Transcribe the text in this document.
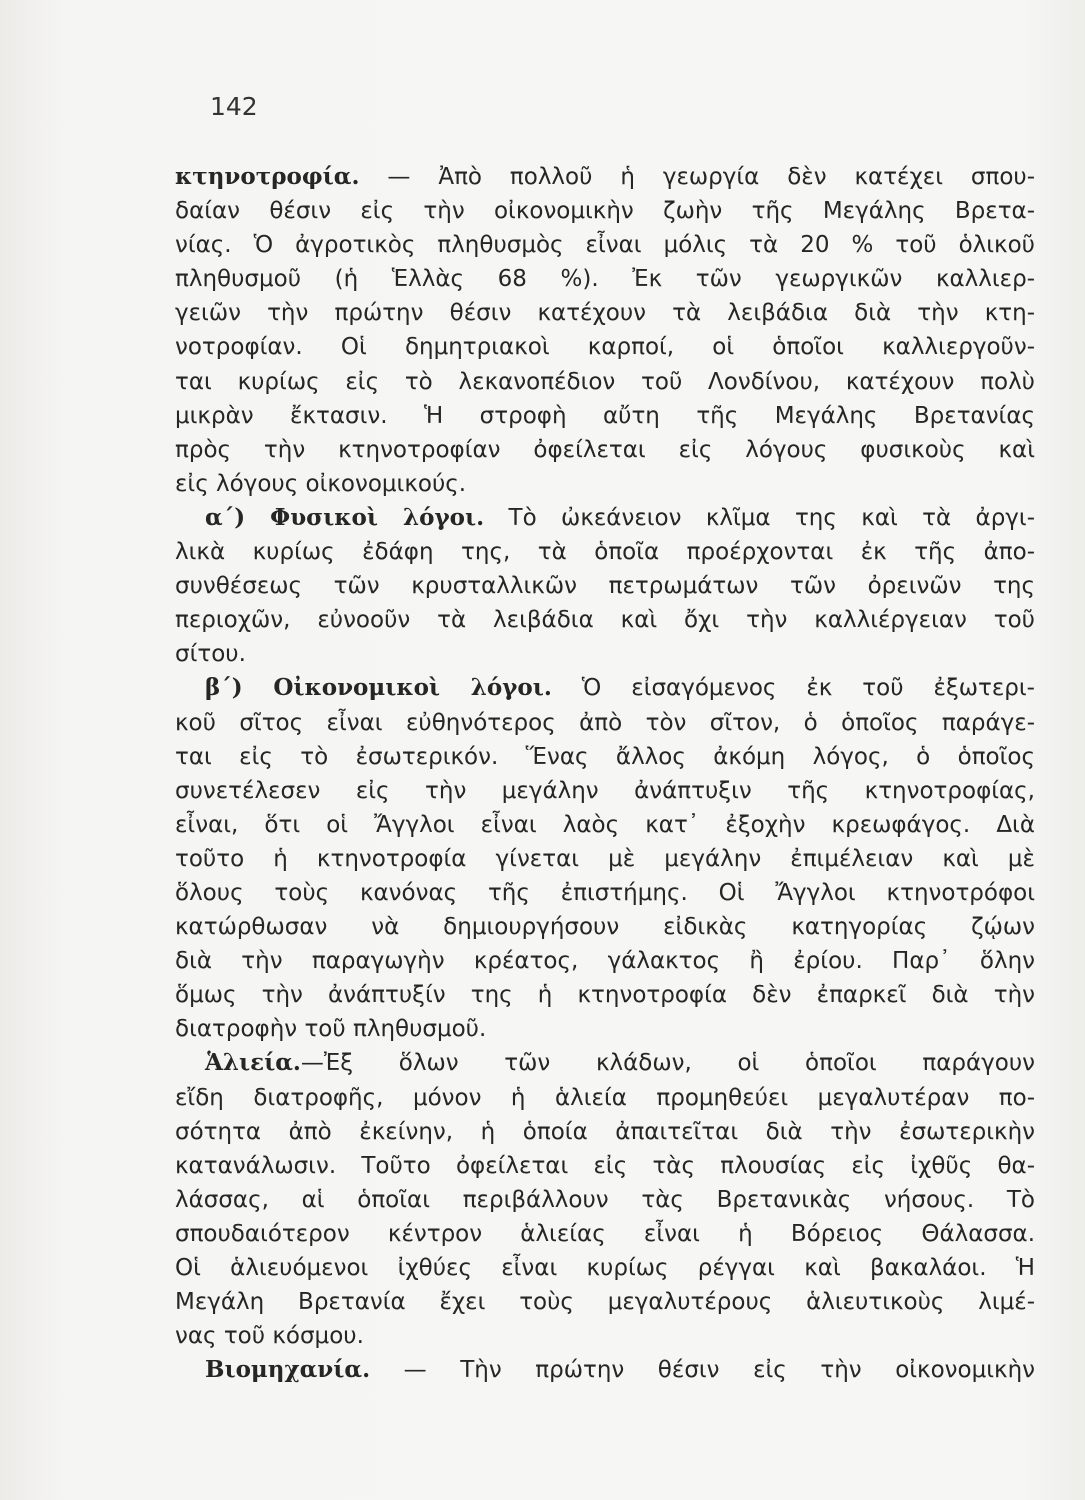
142
κτηνοτροφία. — Ἀπὸ πολλοῦ ἡ γεωργία δὲν κατέχει σπου-
δαίαν θέσιν εἰς τὴν οἰκονομικὴν ζωὴν τῆς Μεγάλης Βρετα-
νίας. Ὁ ἀγροτικὸς πληθυσμὸς εἶναι μόλις τὰ 20 % τοῦ ὁλικοῦ
πληθυσμοῦ (ἡ Ἑλλὰς 68 %). Ἐκ τῶν γεωργικῶν καλλιερ-
γειῶν τὴν πρώτην θέσιν κατέχουν τὰ λειβάδια διὰ τὴν κτη-
νοτροφίαν. Οἱ δημητριακοὶ καρποί, οἱ ὁποῖοι καλλιεργοῦν-
ται κυρίως εἰς τὸ λεκανοπέδιον τοῦ Λονδίνου, κατέχουν πολὺ
μικρὰν ἔκτασιν. Ἡ στροφὴ αὔτη τῆς Μεγάλης Βρετανίας
πρὸς τὴν κτηνοτροφίαν ὀφείλεται εἰς λόγους φυσικοὺς καὶ
εἰς λόγους οἰκονομικούς.
α΄) Φυσικοὶ λόγοι. Τὸ ὠκεάνειον κλῖμα της καὶ τὰ ἀργι-
λικὰ κυρίως ἐδάφη της, τὰ ὁποῖα προέρχονται ἐκ τῆς ἀπο-
συνθέσεως τῶν κρυσταλλικῶν πετρωμάτων τῶν ὀρεινῶν της
περιοχῶν, εὐνοοῦν τὰ λειβάδια καὶ ὄχι τὴν καλλιέργειαν τοῦ
σίτου.
β΄) Οἰκονομικοὶ λόγοι. Ὁ εἰσαγόμενος ἐκ τοῦ ἐξωτερι-
κοῦ σῖτος εἶναι εὐθηνότερος ἀπὸ τὸν σῖτον, ὁ ὁποῖος παράγε-
ται εἰς τὸ ἐσωτερικόν. Ἕνας ἄλλος ἀκόμη λόγος, ὁ ὁποῖος
συνετέλεσεν εἰς τὴν μεγάλην ἀνάπτυξιν τῆς κτηνοτροφίας,
εἶναι, ὅτι οἱ Ἄγγλοι εἶναι λαὸς κατ᾽ ἐξοχὴν κρεωφάγος. Διὰ
τοῦτο ἡ κτηνοτροφία γίνεται μὲ μεγάλην ἐπιμέλειαν καὶ μὲ
ὅλους τοὺς κανόνας τῆς ἐπιστήμης. Οἱ Ἄγγλοι κτηνοτρόφοι
κατώρθωσαν νὰ δημιουργήσουν εἰδικὰς κατηγορίας ζῴων
διὰ τὴν παραγωγὴν κρέατος, γάλακτος ἢ ἐρίου. Παρ᾽ ὅλην
ὅμως τὴν ἀνάπτυξίν της ἡ κτηνοτροφία δὲν ἐπαρκεῖ διὰ τὴν
διατροφὴν τοῦ πληθυσμοῦ.
Ἁλιεία.—Ἐξ ὅλων τῶν κλάδων, οἱ ὁποῖοι παράγουν
εἴδη διατροφῆς, μόνον ἡ ἁλιεία προμηθεύει μεγαλυτέραν πο-
σότητα ἀπὸ ἐκείνην, ἡ ὁποία ἀπαιτεῖται διὰ τὴν ἐσωτερικὴν
κατανάλωσιν. Τοῦτο ὀφείλεται εἰς τὰς πλουσίας εἰς ἰχθῦς θα-
λάσσας, αἱ ὁποῖαι περιβάλλουν τὰς Βρετανικὰς νήσους. Τὸ
σπουδαιότερον κέντρον ἁλιείας εἶναι ἡ Βόρειος Θάλασσα.
Οἱ ἁλιευόμενοι ἰχθύες εἶναι κυρίως ρέγγαι καὶ βακαλάοι. Ἡ
Μεγάλη Βρετανία ἔχει τοὺς μεγαλυτέρους ἁλιευτικοὺς λιμέ-
νας τοῦ κόσμου.
Βιομηχανία. — Τὴν πρώτην θέσιν εἰς τὴν οἰκονομικὴν
